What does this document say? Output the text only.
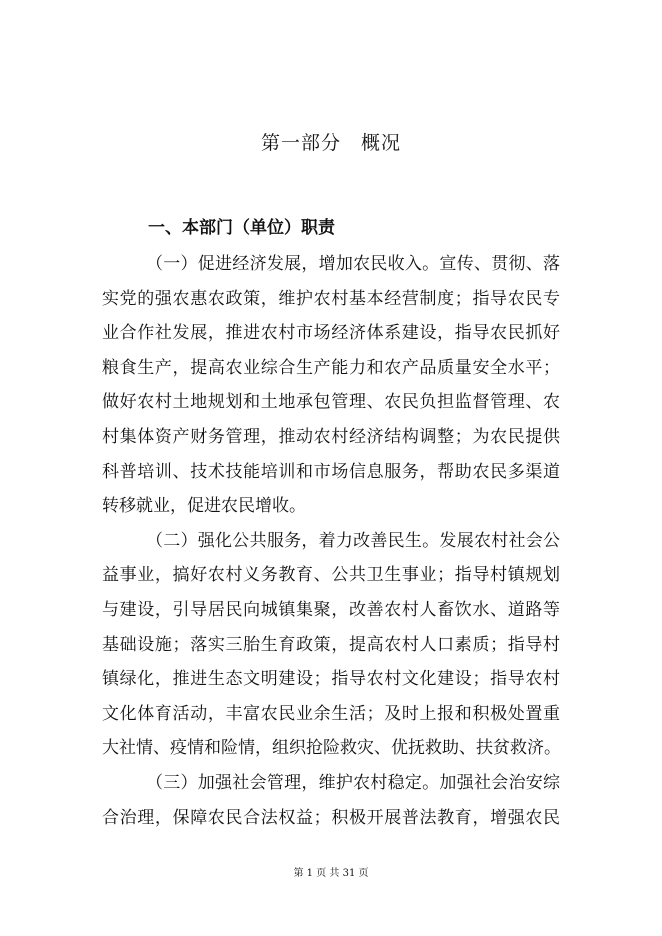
第一部分　概况
一、本部门（单位）职责
（一）促进经济发展，增加农民收入。宣传、贯彻、落
实党的强农惠农政策，维护农村基本经营制度；指导农民专
业合作社发展，推进农村市场经济体系建设，指导农民抓好
粮食生产，提高农业综合生产能力和农产品质量安全水平；
做好农村土地规划和土地承包管理、农民负担监督管理、农
村集体资产财务管理，推动农村经济结构调整；为农民提供
科普培训、技术技能培训和市场信息服务，帮助农民多渠道
转移就业，促进农民增收。
（二）强化公共服务，着力改善民生。发展农村社会公
益事业，搞好农村义务教育、公共卫生事业；指导村镇规划
与建设，引导居民向城镇集聚，改善农村人畜饮水、道路等
基础设施；落实三胎生育政策，提高农村人口素质；指导村
镇绿化，推进生态文明建设；指导农村文化建设；指导农村
文化体育活动，丰富农民业余生活；及时上报和积极处置重
大社情、疫情和险情，组织抢险救灾、优抚救助、扶贫救济。
（三）加强社会管理，维护农村稳定。加强社会治安综
合治理，保障农民合法权益；积极开展普法教育，增强农民
第 1 页 共 31 页
